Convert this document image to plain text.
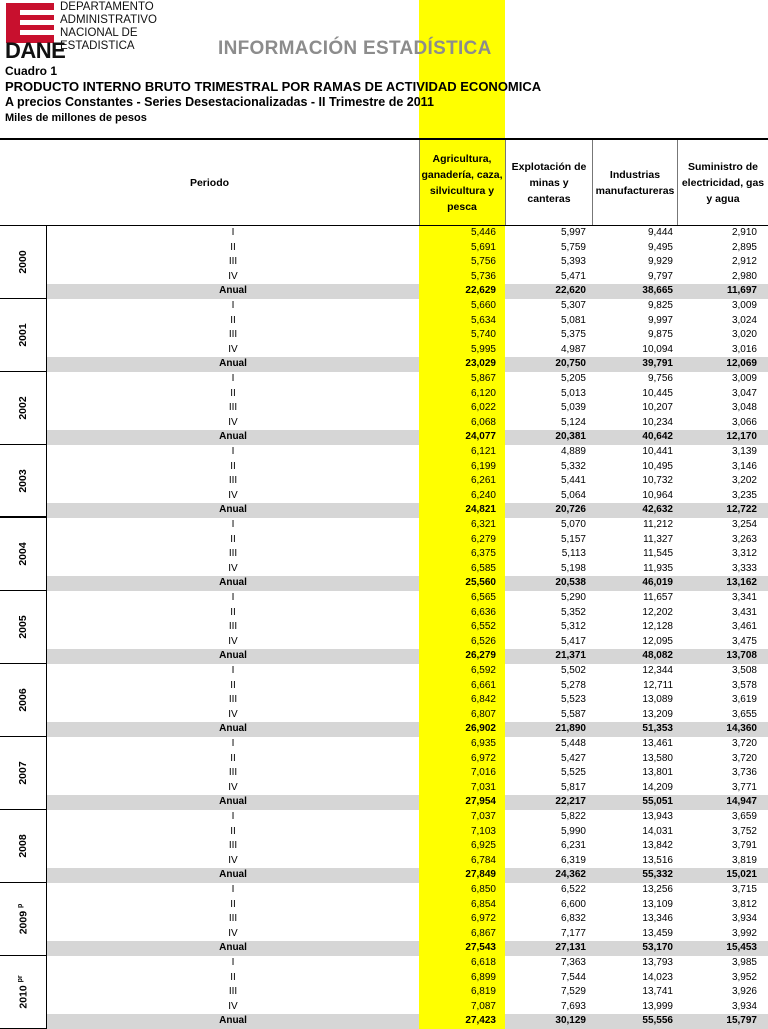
DANE
DEPARTAMENTO
ADMINISTRATIVO
NACIONAL DE
ESTADISTICA	INFORMACIÓN ESTADÍSTICA
Cuadro 1
PRODUCTO INTERNO BRUTO TRIMESTRAL POR RAMAS DE ACTIVIDAD ECONOMICA
A precios Constantes - Series Desestacionalizadas - II Trimestre de 2011
Miles de millones de pesos
Periodo
Agricultura, ganadería, caza, silvicultura y pesca
Explotación de minas y canteras
Industrias manufactureras
Suministro de electricidad, gas y agua
2000
I	5,446	5,997	9,444	2,910
II	5,691	5,759	9,495	2,895
III	5,756	5,393	9,929	2,912
IV	5,736	5,471	9,797	2,980
Anual	22,629	22,620	38,665	11,697
2001
I	5,660	5,307	9,825	3,009
II	5,634	5,081	9,997	3,024
III	5,740	5,375	9,875	3,020
IV	5,995	4,987	10,094	3,016
Anual	23,029	20,750	39,791	12,069
2002
I	5,867	5,205	9,756	3,009
II	6,120	5,013	10,445	3,047
III	6,022	5,039	10,207	3,048
IV	6,068	5,124	10,234	3,066
Anual	24,077	20,381	40,642	12,170
2003
I	6,121	4,889	10,441	3,139
II	6,199	5,332	10,495	3,146
III	6,261	5,441	10,732	3,202
IV	6,240	5,064	10,964	3,235
Anual	24,821	20,726	42,632	12,722
2004
I	6,321	5,070	11,212	3,254
II	6,279	5,157	11,327	3,263
III	6,375	5,113	11,545	3,312
IV	6,585	5,198	11,935	3,333
Anual	25,560	20,538	46,019	13,162
2005
I	6,565	5,290	11,657	3,341
II	6,636	5,352	12,202	3,431
III	6,552	5,312	12,128	3,461
IV	6,526	5,417	12,095	3,475
Anual	26,279	21,371	48,082	13,708
2006
I	6,592	5,502	12,344	3,508
II	6,661	5,278	12,711	3,578
III	6,842	5,523	13,089	3,619
IV	6,807	5,587	13,209	3,655
Anual	26,902	21,890	51,353	14,360
2007
I	6,935	5,448	13,461	3,720
II	6,972	5,427	13,580	3,720
III	7,016	5,525	13,801	3,736
IV	7,031	5,817	14,209	3,771
Anual	27,954	22,217	55,051	14,947
2008
I	7,037	5,822	13,943	3,659
II	7,103	5,990	14,031	3,752
III	6,925	6,231	13,842	3,791
IV	6,784	6,319	13,516	3,819
Anual	27,849	24,362	55,332	15,021
2009 $^p$
I	6,850	6,522	13,256	3,715
II	6,854	6,600	13,109	3,812
III	6,972	6,832	13,346	3,934
IV	6,867	7,177	13,459	3,992
Anual	27,543	27,131	53,170	15,453
2010 $^{pr}$
I	6,618	7,363	13,793	3,985
II	6,899	7,544	14,023	3,952
III	6,819	7,529	13,741	3,926
IV	7,087	7,693	13,999	3,934
Anual	27,423	30,129	55,556	15,797
